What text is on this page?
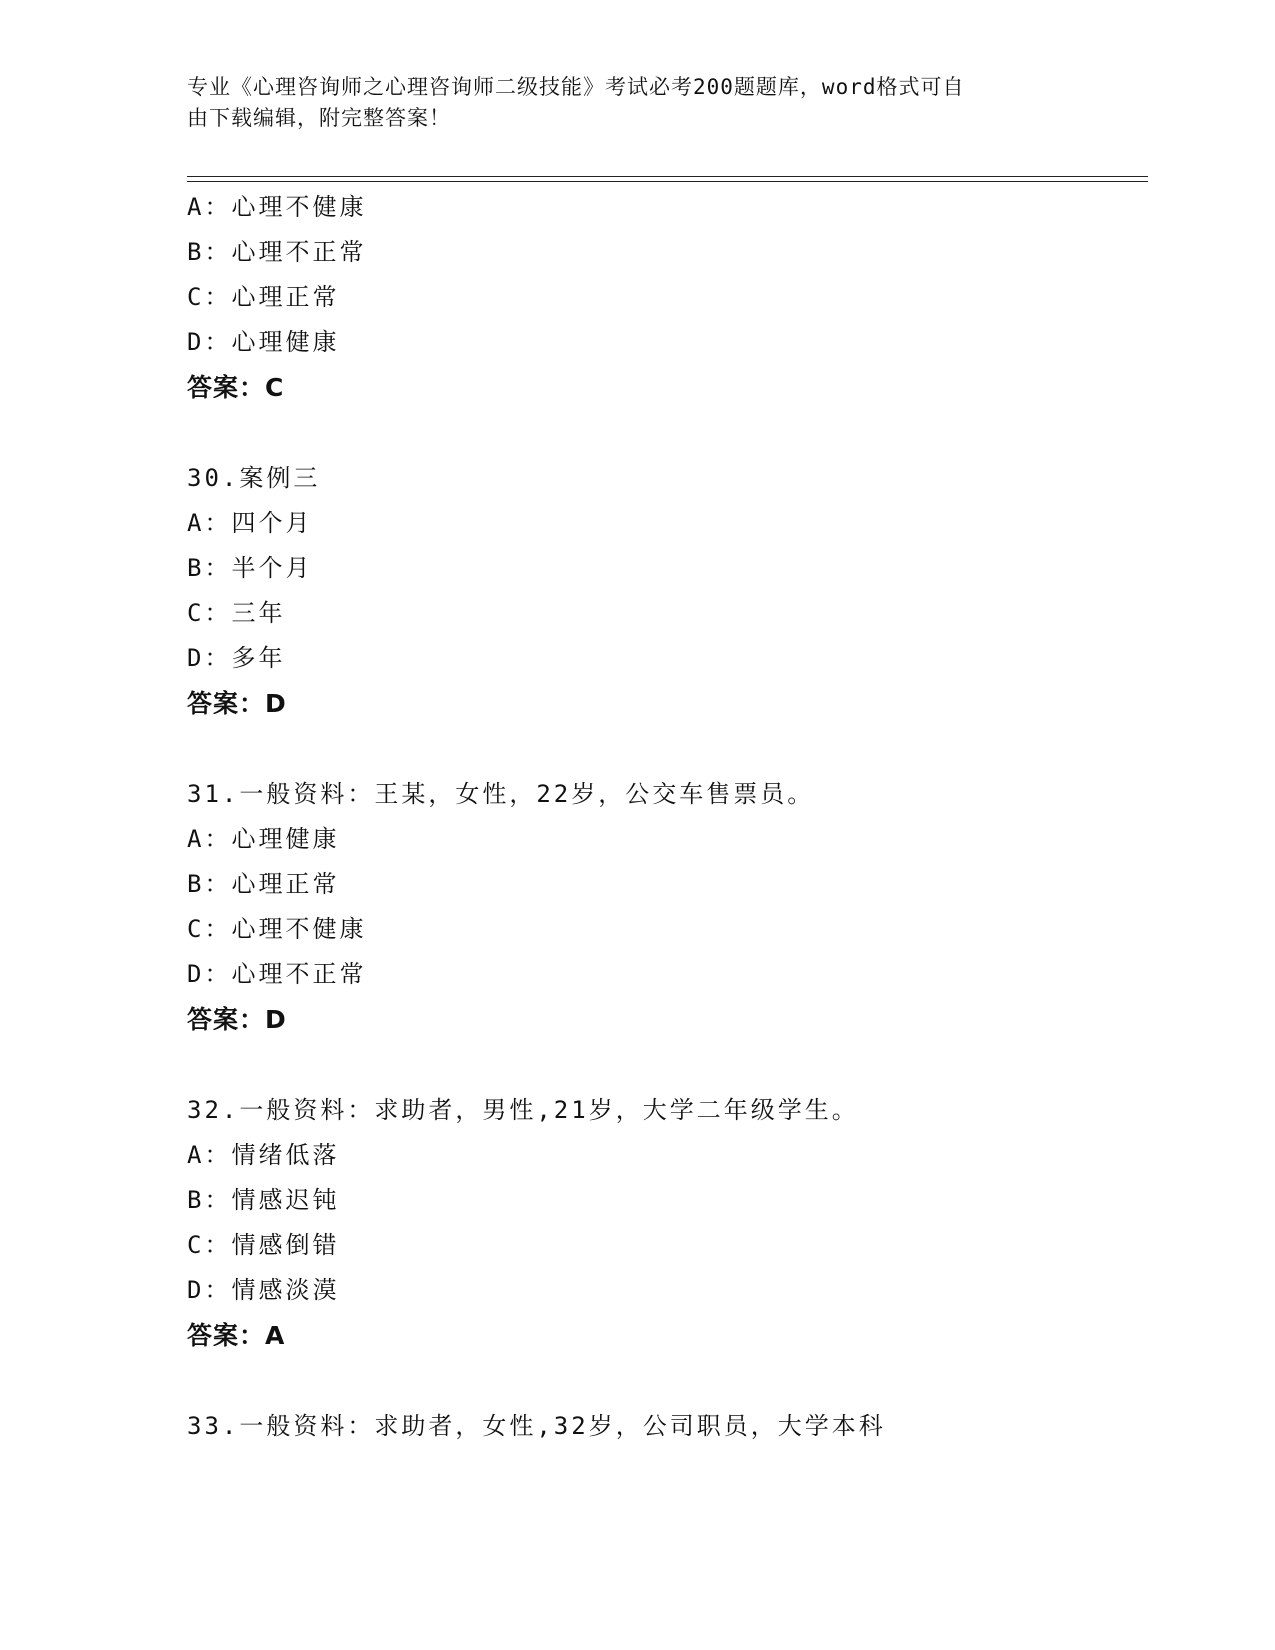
专业《心理咨询师之心理咨询师二级技能》考试必考200题题库，word格式可自
由下载编辑，附完整答案！
A：心理不健康
B：心理不正常
C：心理正常
D：心理健康
答案：C
30.案例三
A：四个月
B：半个月
C：三年
D：多年
答案：D
31.一般资料：王某，女性，22岁，公交车售票员。
A：心理健康
B：心理正常
C：心理不健康
D：心理不正常
答案：D
32.一般资料：求助者，男性,21岁，大学二年级学生。
A：情绪低落
B：情感迟钝
C：情感倒错
D：情感淡漠
答案：A
33.一般资料：求助者，女性,32岁，公司职员，大学本科
